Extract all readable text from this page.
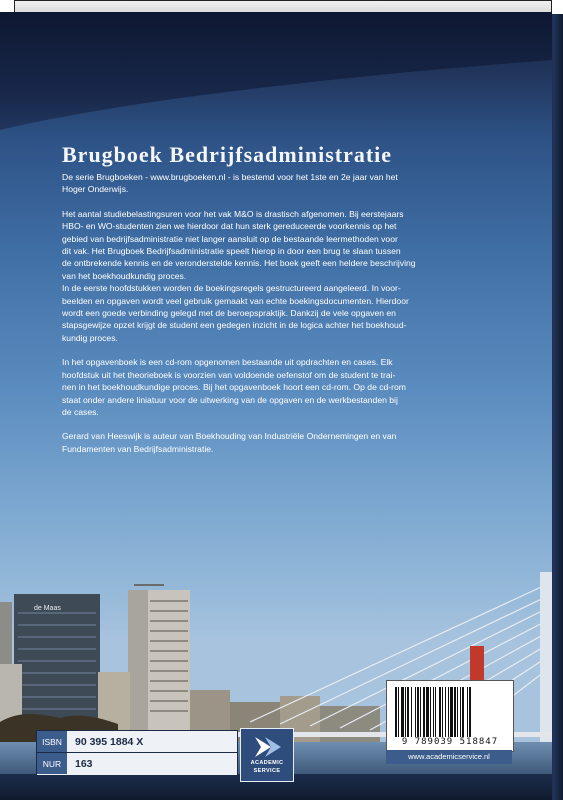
Brugboek Bedrijfsadministratie

De serie Brugboeken - www.brugboeken.nl - is bestemd voor het 1ste en 2e jaar van het
Hoger Onderwijs.

Het aantal studiebelastingsuren voor het vak M&O is drastisch afgenomen. Bij eerstejaars
HBO- en WO-studenten zien we hierdoor dat hun sterk gereduceerde voorkennis op het
gebied van bedrijfsadministratie niet langer aansluit op de bestaande leermethoden voor
dit vak. Het Brugboek Bedrijfsadministratie speelt hierop in door een brug te slaan tussen
de ontbrekende kennis en de veronderstelde kennis. Het boek geeft een heldere beschrijving
van het boekhoudkundig proces.

In de eerste hoofdstukken worden de boekingsregels gestructureerd aangeleerd. In voor-
beelden en opgaven wordt veel gebruik gemaakt van echte boekingsdocumenten. Hierdoor
wordt een goede verbinding gelegd met de beroepspraktijk. Dankzij de vele opgaven en
stapsgewijze opzet krijgt de student een gedegen inzicht in de logica achter het boekhoud-
kundig proces.

In het opgavenboek is een cd-rom opgenomen bestaande uit opdrachten en cases. Elk
hoofdstuk uit het theorieboek is voorzien van voldoende oefenstof om de student te trai-
nen in het boekhoudkundige proces. Bij het opgavenboek hoort een cd-rom. Op de cd-rom
staat onder andere liniatuur voor de uitwerking van de opgaven en de werkbestanden bij
de cases.

Gerard van Heeswijk is auteur van Boekhouding van Industriële Ondernemingen en van
Fundamenten van Bedrijfsadministratie.

de Maas
ISBN	90 395 1884 X
NUR	163	ACADEMIC
SERVICE
9 789039 518847
www.academicservice.nl
